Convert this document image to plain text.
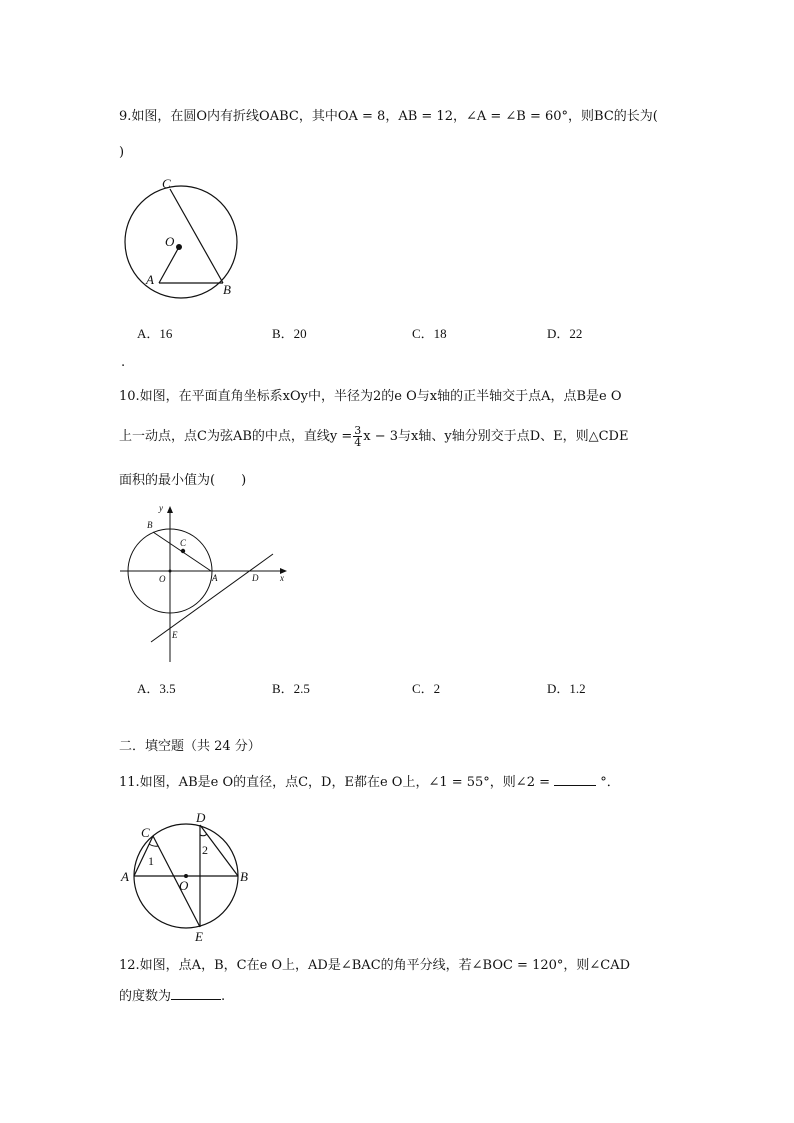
9.如图，在圆O内有折线OABC，其中OA = 8，AB = 12，∠A = ∠B = 60°，则BC的长为(
)
C
O
A
B
A．16	B．20	C．18	D．22
.
10.如图，在平面直角坐标系xOy中，半径为2的e O与x轴的正半轴交于点A，点B是e O
上一动点，点C为弦AB的中点，直线$y = \frac{3}{4}$ x − 3与x轴、y轴分别交于点D、E，则△CDE
面积的最小值为(　　)
y
B
C
O	A	D x
E
A．3.5	B．2.5	C．2	D．1.2
二．填空题（共 24 分）
11.如图，AB是e O的直径，点C，D，E都在e O上，∠1 = 55°，则∠2 =	°．
C
D
A	B
O
E
1
2
12.如图，点A，B，C在e O上，AD是∠BAC的角平分线，若∠BOC = 120°，则∠CAD
的度数为	.
